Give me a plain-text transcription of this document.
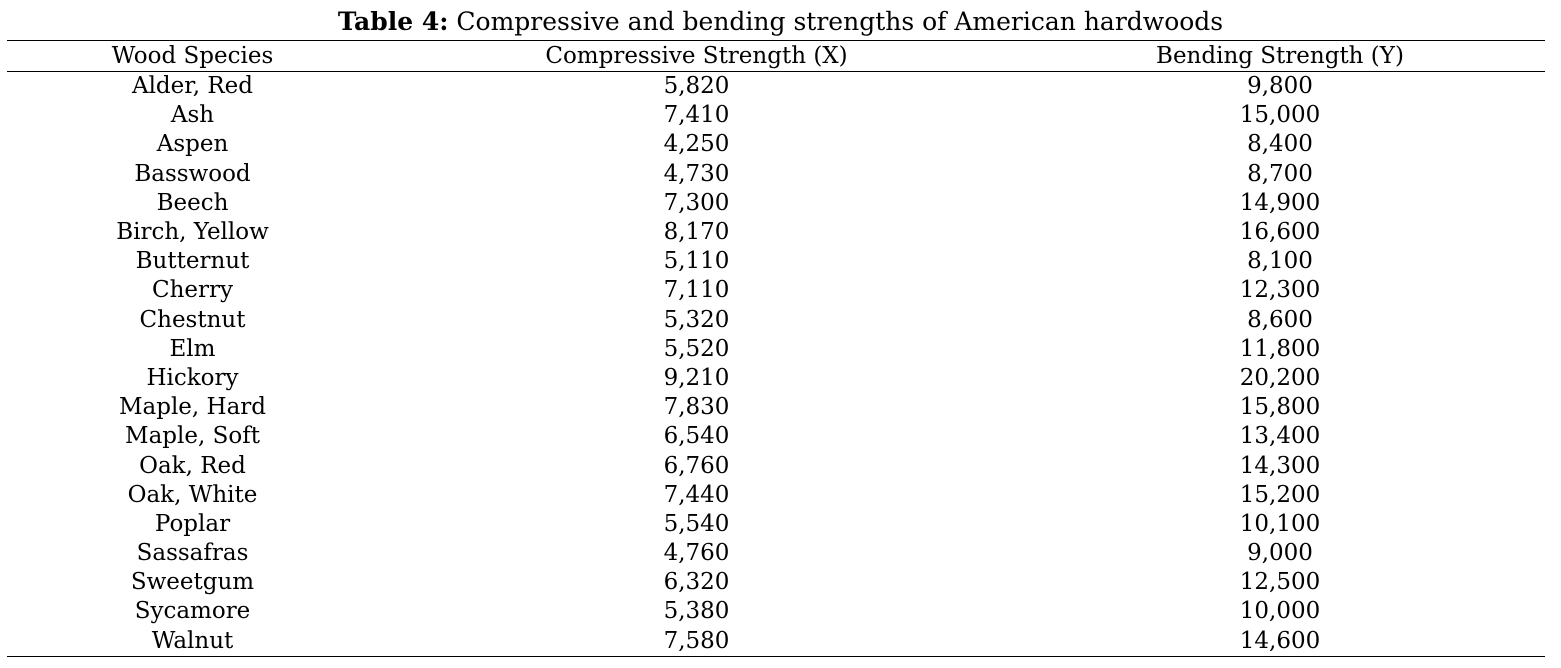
Table 4: Compressive and bending strengths of American hardwoods
Wood Species	Compressive Strength (X)	Bending Strength (Y)
Alder, Red	5,820	9,800
Ash	7,410	15,000
Aspen	4,250	8,400
Basswood	4,730	8,700
Beech	7,300	14,900
Birch, Yellow	8,170	16,600
Butternut	5,110	8,100
Cherry	7,110	12,300
Chestnut	5,320	8,600
Elm	5,520	11,800
Hickory	9,210	20,200
Maple, Hard	7,830	15,800
Maple, Soft	6,540	13,400
Oak, Red	6,760	14,300
Oak, White	7,440	15,200
Poplar	5,540	10,100
Sassafras	4,760	9,000
Sweetgum	6,320	12,500
Sycamore	5,380	10,000
Walnut	7,580	14,600
